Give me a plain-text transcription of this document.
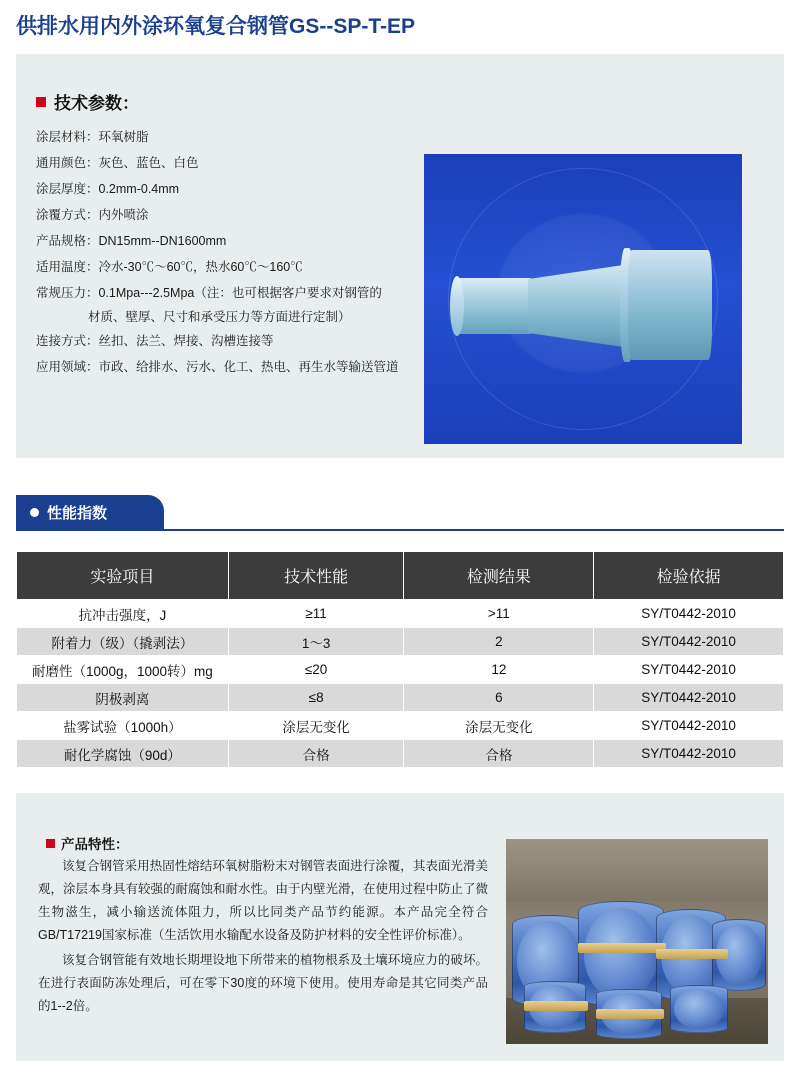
供排水用内外涂环氧复合钢管GS--SP-T-EP
技术参数：
涂层材料：环氧树脂
通用颜色：灰色、蓝色、白色
涂层厚度：0.2mm-0.4mm
涂覆方式：内外喷涂
产品规格：DN15mm--DN1600mm
适用温度：冷水-30℃～60℃，热水60℃～160℃
常规压力：0.1Mpa---2.5Mpa（注：也可根据客户要求对钢管的
材质、壁厚、尺寸和承受压力等方面进行定制）
连接方式：丝扣、法兰、焊接、沟槽连接等
应用领域：市政、给排水、污水、化工、热电、再生水等输送管道
性能指数
实验项目	技术性能	检测结果	检验依据
抗冲击强度，J	≥11	>11	SY/T0442-2010
附着力（级）（撬剥法）	1～3	2	SY/T0442-2010
耐磨性（1000g，1000转）mg	≤20	12	SY/T0442-2010
阴极剥离	≤8	6	SY/T0442-2010
盐雾试验（1000h）	涂层无变化	涂层无变化	SY/T0442-2010
耐化学腐蚀（90d）	合格	合格	SY/T0442-2010
产品特性：

该复合钢管采用热固性熔结环氧树脂粉末对钢管表面进行涂覆，其表面光滑美观，涂层本身具有较强的耐腐蚀和耐水性。由于内壁光滑，在使用过程中防止了微生物滋生，减小输送流体阻力，所以比同类产品节约能源。本产品完全符合GB/T17219国家标准（生活饮用水输配水设备及防护材料的安全性评价标准）。

该复合钢管能有效地长期埋设地下所带来的植物根系及土壤环境应力的破坏。在进行表面防冻处理后，可在零下30度的环境下使用。使用寿命是其它同类产品的1--2倍。
